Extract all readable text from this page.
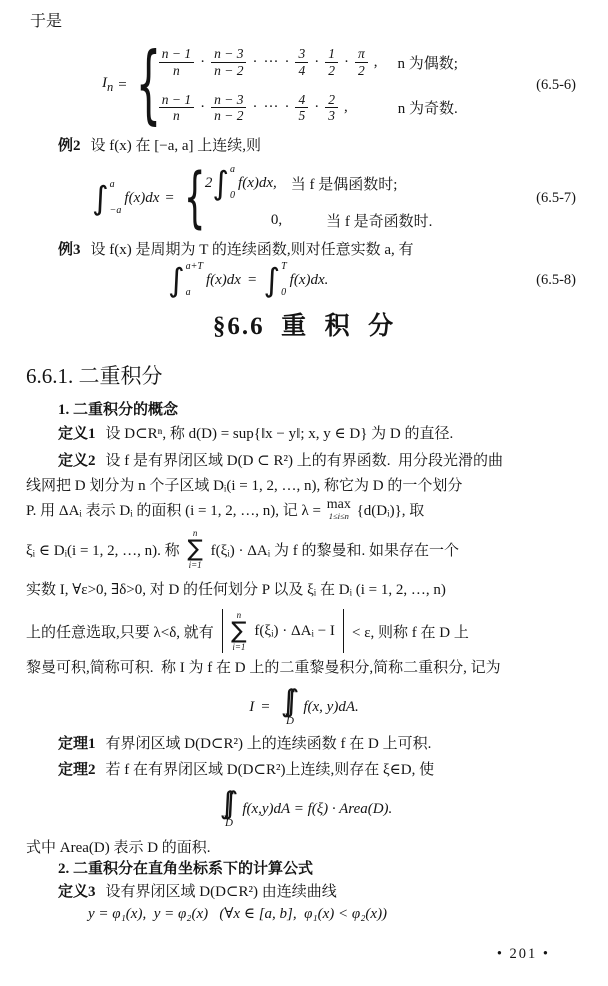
于是
$I_n$ = {
$\frac{n - 1}{n} \cdot \frac{n - 3}{n - 2}$ · ··· · $\frac{3}{4} \cdot \frac{1}{2} \cdot \frac{\pi}{2}$ , n 为偶数;
$\frac{n - 1}{n} \cdot \frac{n - 3}{n - 2}$ · ··· · $\frac{4}{5} \cdot \frac{2}{3}$ ,	n 为奇数.
(6.5-6)
例2 设 f(x) 在 [−a, a] 上连续,则
∫ a
−a
f(x)dx = { 2 ∫ a
0
f(x)dx, 当 f 是偶函数时;
0,	当 f 是奇函数时.
(6.5-7)
例3 设 f(x) 是周期为 T 的连续函数,则对任意实数 a, 有
∫ a+T
a
f(x)dx = ∫ T
0
f(x)dx.	(6.5-8)
§6.6  重  积  分
6.6.1. 二重积分
1. 二重积分的概念
定义1 设 D⊂Rⁿ, 称 d(D) = sup{‖x − y‖; x, y ∈ D} 为 D 的直径.
定义2 设 f 是有界闭区域 D(D ⊂ R²) 上的有界函数.  用分段光滑的曲
线网把 D 划分为 n 个子区域 Dᵢ(i = 1, 2, …, n), 称它为 D 的一个划分
P. 用 ΔAᵢ 表示 Dᵢ 的面积 (i = 1, 2, …, n), 记 λ = max
1≤i≤n {d(Dᵢ)}, 取
ξᵢ ∈ Dᵢ(i = 1, 2, …, n). 称
n
∑
i=1
f(ξᵢ) · ΔAᵢ 为 f 的黎曼和. 如果存在一个
实数 I, ∀ε>0, ∃δ>0, 对 D 的任何划分 P 以及 ξᵢ 在 Dᵢ (i = 1, 2, …, n)
上的任意选取,只要 λ<δ, 就有
n
∑
i=1
f(ξᵢ) · ΔAᵢ − I < ε, 则称 f 在 D 上
黎曼可积,简称可积.  称 I 为 f 在 D 上的二重黎曼积分,简称二重积分, 记为
I = ∫∫
D
f(x, y)dA.
定理1 有界闭区域 D(D⊂R²) 上的连续函数 f 在 D 上可积.
定理2 若 f 在有界闭区域 D(D⊂R²)上连续,则存在 ξ∈D, 使
∫∫
D
f(x,y)dA = f(ξ) · Area(D).
式中 Area(D) 表示 D 的面积.
2. 二重积分在直角坐标系下的计算公式
定义3 设有界闭区域 D(D⊂R²) 由连续曲线
y = φ₁(x),  y = φ₂(x)   (∀x ∈ [a, b],  φ₁(x) < φ₂(x))
• 201 •
